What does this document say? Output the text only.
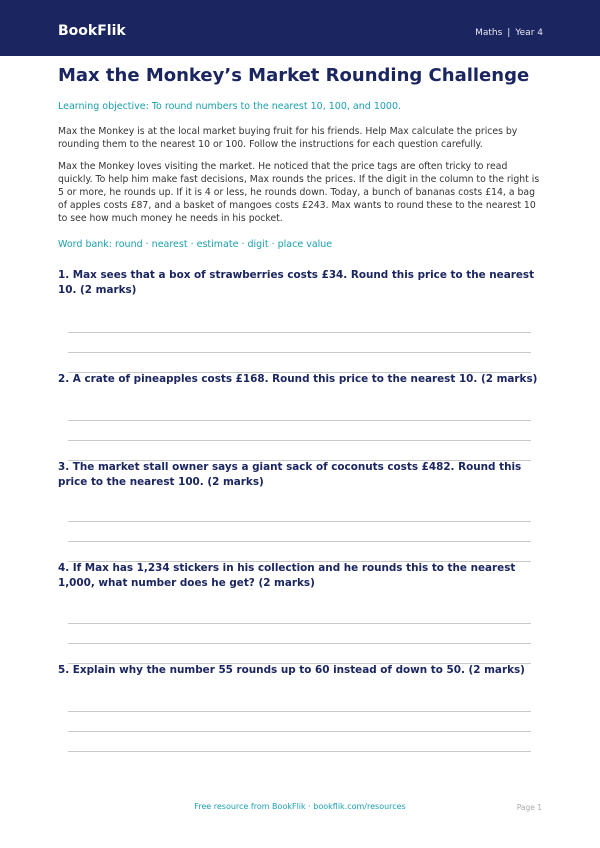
BookFlik	Maths | Year 4
Max the Monkey’s Market Rounding Challenge
Learning objective: To round numbers to the nearest 10, 100, and 1000.

Max the Monkey is at the local market buying fruit for his friends. Help Max calculate the prices by rounding them to the nearest 10 or 100. Follow the instructions for each question carefully.

Max the Monkey loves visiting the market. He noticed that the price tags are often tricky to read quickly. To help him make fast decisions, Max rounds the prices. If the digit in the column to the right is 5 or more, he rounds up. If it is 4 or less, he rounds down. Today, a bunch of bananas costs £14, a bag of apples costs £87, and a basket of mangoes costs £243. Max wants to round these to the nearest 10 to see how much money he needs in his pocket.

Word bank: round · nearest · estimate · digit · place value

1. Max sees that a box of strawberries costs £34. Round this price to the nearest 10. (2 marks)

2. A crate of pineapples costs £168. Round this price to the nearest 10. (2 marks)

3. The market stall owner says a giant sack of coconuts costs £482. Round this price to the nearest 100. (2 marks)

4. If Max has 1,234 stickers in his collection and he rounds this to the nearest 1,000, what number does he get? (2 marks)

5. Explain why the number 55 rounds up to 60 instead of down to 50. (2 marks)

Free resource from BookFlik · bookflik.com/resources	Page 1
